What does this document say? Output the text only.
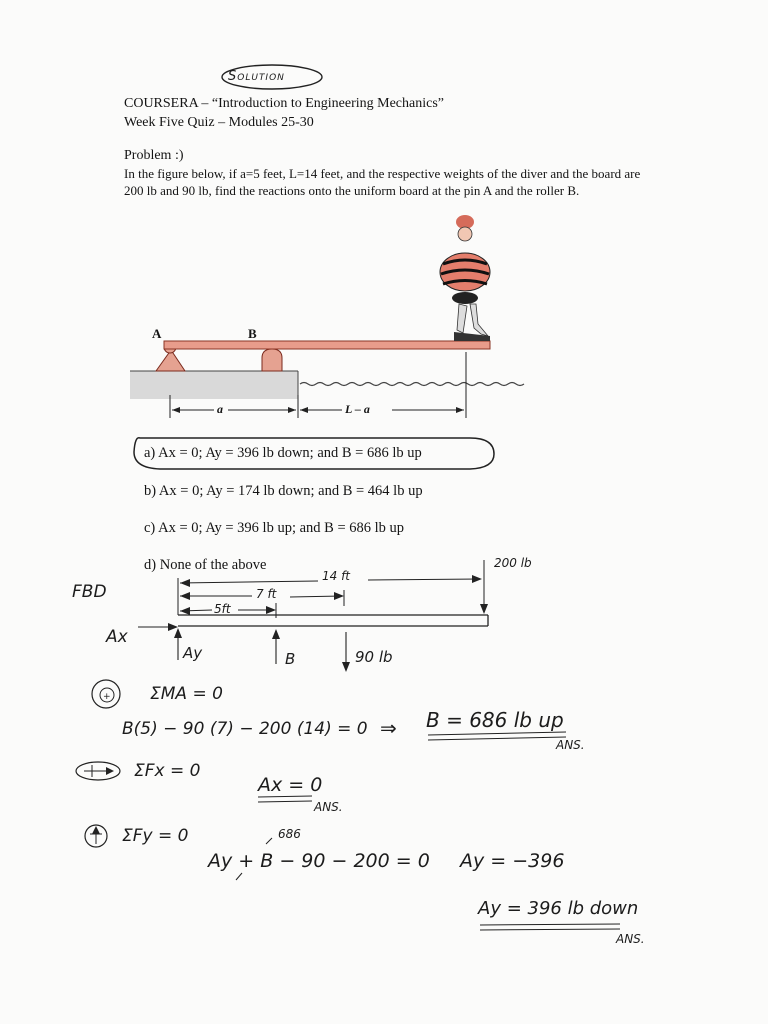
Solution
COURSERA – “Introduction to Engineering Mechanics”
Week Five Quiz – Modules 25-30
Problem :)
In the figure below, if a=5 feet, L=14 feet, and the respective weights of the diver and the board are 200 lb and 90 lb, find the reactions onto the uniform board at the pin A and the roller B.
A	B
a	L – a
a) Ax = 0; Ay = 396 lb down; and B = 686 lb up
b) Ax = 0; Ay = 174 lb down; and B = 464 lb up
c) Ax = 0; Ay = 396 lb up; and B = 686 lb up
d) None of the above
+
FBD
14 ft
7 ft
5ft
200 lb
Ax
Ay	B	90 lb
ΣMA = 0
B(5) − 90 (7) − 200 (14) = 0 ⇒ B = 686 lb up
ANS.
ΣFx = 0
Ax = 0
ANS.
ΣFy = 0	686
Ay + B − 90 − 200 = 0 Ay = −396
Ay = 396 lb down
ANS.
